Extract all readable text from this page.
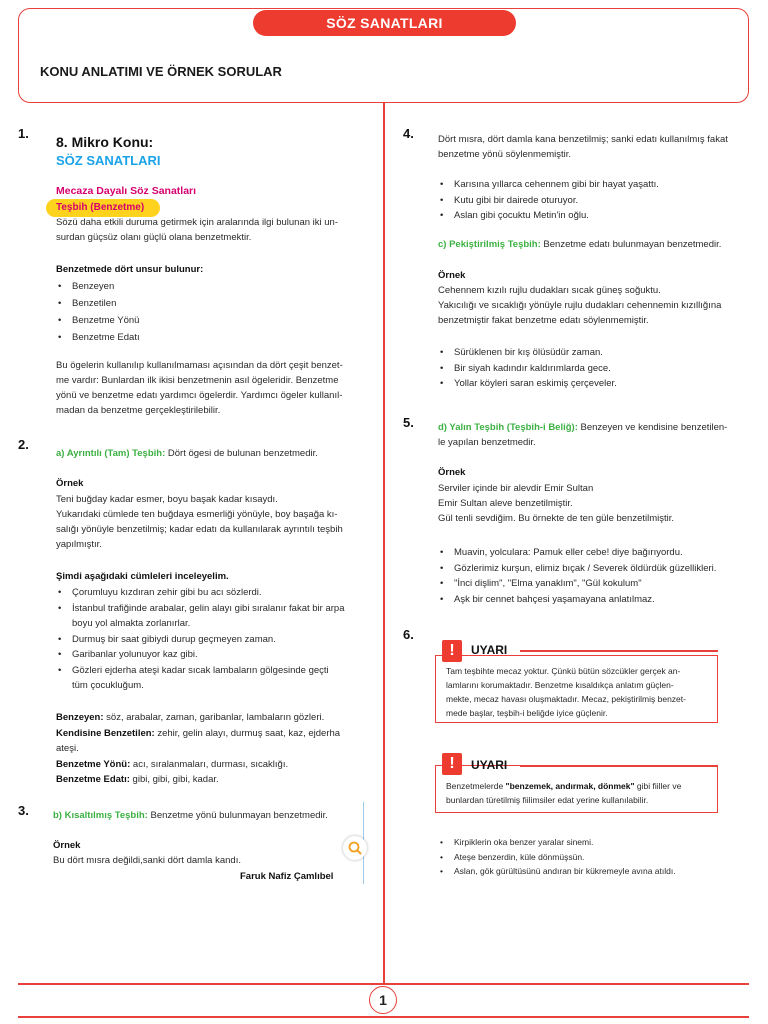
SÖZ SANATLARI
KONU ANLATIMI VE ÖRNEK SORULAR
1.
8. Mikro Konu:
SÖZ SANATLARI
Mecaza Dayalı Söz Sanatları
Teşbih (Benzetme)
Sözü daha etkili duruma getirmek için aralarında ilgi bulunan iki un-
surdan güçsüz olanı güçlü olana benzetmektir.
Benzetmede dört unsur bulunur:
• Benzeyen
• Benzetilen
• Benzetme Yönü
• Benzetme Edatı
Bu ögelerin kullanılıp kullanılmaması açısından da dört çeşit benzet-
me vardır: Bunlardan ilk ikisi benzetmenin asıl ögeleridir. Benzetme
yönü ve benzetme edatı yardımcı ögelerdir. Yardımcı ögeler kullanıl-
madan da benzetme gerçekleştirilebilir.
2.
a) Ayrıntılı (Tam) Teşbih: Dört ögesi de bulunan benzetmedir.
Örnek
Teni buğday kadar esmer, boyu başak kadar kısaydı.
Yukarıdaki cümlede ten buğdaya esmerliği yönüyle, boy başağa kı-
salığı yönüyle benzetilmiş; kadar edatı da kullanılarak ayrıntılı teşbih
yapılmıştır.
Şimdi aşağıdaki cümleleri inceleyelim.
• Çorumluyu kızdıran zehir gibi bu acı sözlerdi.
• İstanbul trafiğinde arabalar, gelin alayı gibi sıralanır fakat bir arpa
boyu yol almakta zorlanırlar.
• Durmuş bir saat gibiydi durup geçmeyen zaman.
• Garibanlar yolunuyor kaz gibi.
• Gözleri ejderha ateşi kadar sıcak lambaların gölgesinde geçti
tüm çocukluğum.
Benzeyen: söz, arabalar, zaman, garibanlar, lambaların gözleri.
Kendisine Benzetilen: zehir, gelin alayı, durmuş saat, kaz, ejderha
ateşi.
Benzetme Yönü: acı, sıralanmaları, durması, sıcaklığı.
Benzetme Edatı: gibi, gibi, gibi, kadar.
3.	b) Kısaltılmış Teşbih: Benzetme yönü bulunmayan benzetmedir.
Örnek
Bu dört mısra değildi,sanki dört damla kandı.
Faruk Nafiz Çamlıbel
4.	Dört mısra, dört damla kana benzetilmiş; sanki edatı kullanılmış fakat
benzetme yönü söylenmemiştir.
• Karısına yıllarca cehennem gibi bir hayat yaşattı.
• Kutu gibi bir dairede oturuyor.
• Aslan gibi çocuktu Metin'in oğlu.
c) Pekiştirilmiş Teşbih: Benzetme edatı bulunmayan benzetmedir.
Örnek
Cehennem kızılı rujlu dudakları sıcak güneş soğuktu.
Yakıcılığı ve sıcaklığı yönüyle rujlu dudakları cehennemin kızıllığına
benzetmiştir fakat benzetme edatı söylenmemiştir.
• Sürüklenen bir kış ölüsüdür zaman.
• Bir siyah kadındır kaldırımlarda gece.
• Yollar köyleri saran eskimiş çerçeveler.
5.	d) Yalın Teşbih (Teşbih-i Beliğ): Benzeyen ve kendisine benzetilen-
le yapılan benzetmedir.
Örnek
Serviler içinde bir alevdir Emir Sultan
Emir Sultan aleve benzetilmiştir.
Gül tenli sevdiğim. Bu örnekte de ten güle benzetilmiştir.
• Muavin, yolculara: Pamuk eller cebe! diye bağırıyordu.
• Gözlerimiz kurşun, elimiz bıçak / Severek öldürdük güzellikleri.
• "İnci dişlim", "Elma yanaklım", "Gül kokulum"
• Aşk bir cennet bahçesi yaşamayana anlatılmaz.
6.
!	UYARI
Tam teşbihte mecaz yoktur. Çünkü bütün sözcükler gerçek an-
lamlarını korumaktadır. Benzetme kısaldıkça anlatım güçlen-
mekte, mecaz havası oluşmaktadır. Mecaz, pekiştirilmiş benzet-
mede başlar, teşbih-i beliğde iyice güçlenir.
!	UYARI
Benzetmelerde "benzemek, andırmak, dönmek" gibi fiiller ve
bunlardan türetilmiş fiilimsiler edat yerine kullanılabilir.
• Kirpiklerin oka benzer yaralar sinemi.
• Ateşe benzerdin, küle dönmüşsün.
• Aslan, gök gürültüsünü andıran bir kükremeyle avına atıldı.
1
